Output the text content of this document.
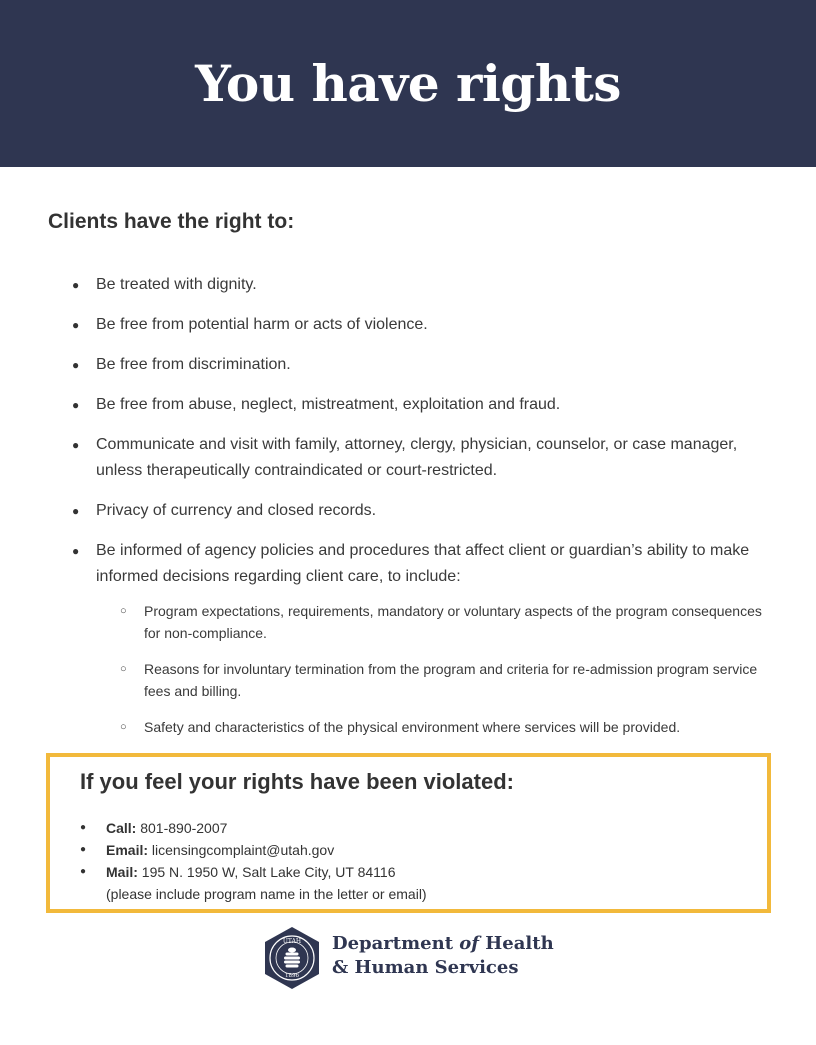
You have rights
Clients have the right to:
● Be treated with dignity.
● Be free from potential harm or acts of violence.
● Be free from discrimination.
● Be free from abuse, neglect, mistreatment, exploitation and fraud.
● Communicate and visit with family, attorney, clergy, physician, counselor, or case manager, unless therapeutically contraindicated or court-restricted.
● Privacy of currency and closed records.
● Be informed of agency policies and procedures that affect client or guardian’s ability to make informed decisions regarding client care, to include:
○ Program expectations, requirements, mandatory or voluntary aspects of the program consequences for non-compliance.
○ Reasons for involuntary termination from the program and criteria for re-admission program service fees and billing.
○ Safety and characteristics of the physical environment where services will be provided.
If you feel your rights have been violated:
● Call: 801-890-2007
● Email: licensingcomplaint@utah.gov
● Mail: 195 N. 1950 W, Salt Lake City, UT 84116
(please include program name in the letter or email)
UTAH
1896
Department of Health
& Human Services
